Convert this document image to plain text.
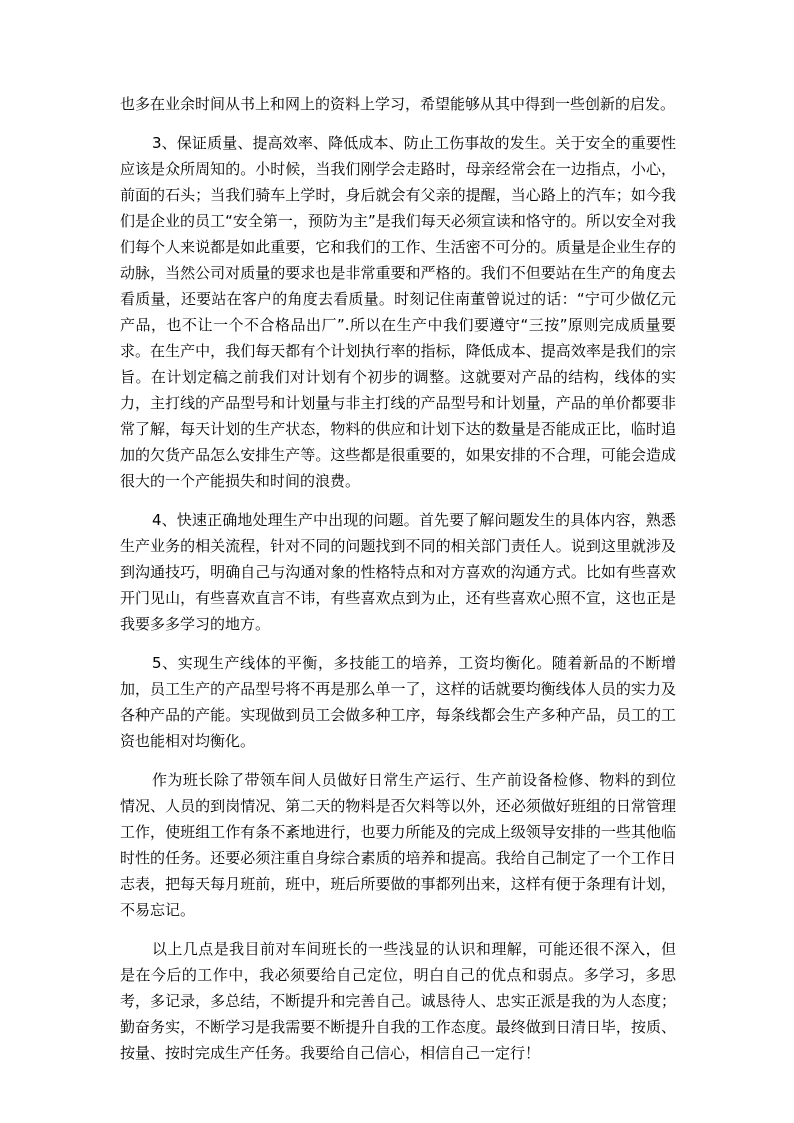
也多在业余时间从书上和网上的资料上学习，希望能够从其中得到一些创新的启发。

3、保证质量、提高效率、降低成本、防止工伤事故的发生。关于安全的重要性应该是众所周知的。小时候，当我们刚学会走路时，母亲经常会在一边指点，小心，前面的石头；当我们骑车上学时，身后就会有父亲的提醒，当心路上的汽车；如今我们是企业的员工“安全第一，预防为主”是我们每天必须宣读和恪守的。所以安全对我们每个人来说都是如此重要，它和我们的工作、生活密不可分的。质量是企业生存的动脉，当然公司对质量的要求也是非常重要和严格的。我们不但要站在生产的角度去看质量，还要站在客户的角度去看质量。时刻记住南董曾说过的话：“宁可少做亿元产品，也不让一个不合格品出厂”.所以在生产中我们要遵守“三按”原则完成质量要求。在生产中，我们每天都有个计划执行率的指标，降低成本、提高效率是我们的宗旨。在计划定稿之前我们对计划有个初步的调整。这就要对产品的结构，线体的实力，主打线的产品型号和计划量与非主打线的产品型号和计划量，产品的单价都要非常了解，每天计划的生产状态，物料的供应和计划下达的数量是否能成正比，临时追加的欠货产品怎么安排生产等。这些都是很重要的，如果安排的不合理，可能会造成很大的一个产能损失和时间的浪费。

4、快速正确地处理生产中出现的问题。首先要了解问题发生的具体内容，熟悉生产业务的相关流程，针对不同的问题找到不同的相关部门责任人。说到这里就涉及到沟通技巧，明确自己与沟通对象的性格特点和对方喜欢的沟通方式。比如有些喜欢开门见山，有些喜欢直言不讳，有些喜欢点到为止，还有些喜欢心照不宣，这也正是我要多多学习的地方。

5、实现生产线体的平衡，多技能工的培养，工资均衡化。随着新品的不断增加，员工生产的产品型号将不再是那么单一了，这样的话就要均衡线体人员的实力及各种产品的产能。实现做到员工会做多种工序，每条线都会生产多种产品，员工的工资也能相对均衡化。

作为班长除了带领车间人员做好日常生产运行、生产前设备检修、物料的到位情况、人员的到岗情况、第二天的物料是否欠料等以外，还必须做好班组的日常管理工作，使班组工作有条不紊地进行，也要力所能及的完成上级领导安排的一些其他临时性的任务。还要必须注重自身综合素质的培养和提高。我给自己制定了一个工作日志表，把每天每月班前，班中，班后所要做的事都列出来，这样有便于条理有计划，不易忘记。

以上几点是我目前对车间班长的一些浅显的认识和理解，可能还很不深入，但是在今后的工作中，我必须要给自己定位，明白自己的优点和弱点。多学习，多思考，多记录，多总结，不断提升和完善自己。诚恳待人、忠实正派是我的为人态度；勤奋务实，不断学习是我需要不断提升自我的工作态度。最终做到日清日毕，按质、按量、按时完成生产任务。我要给自己信心，相信自己一定行！
